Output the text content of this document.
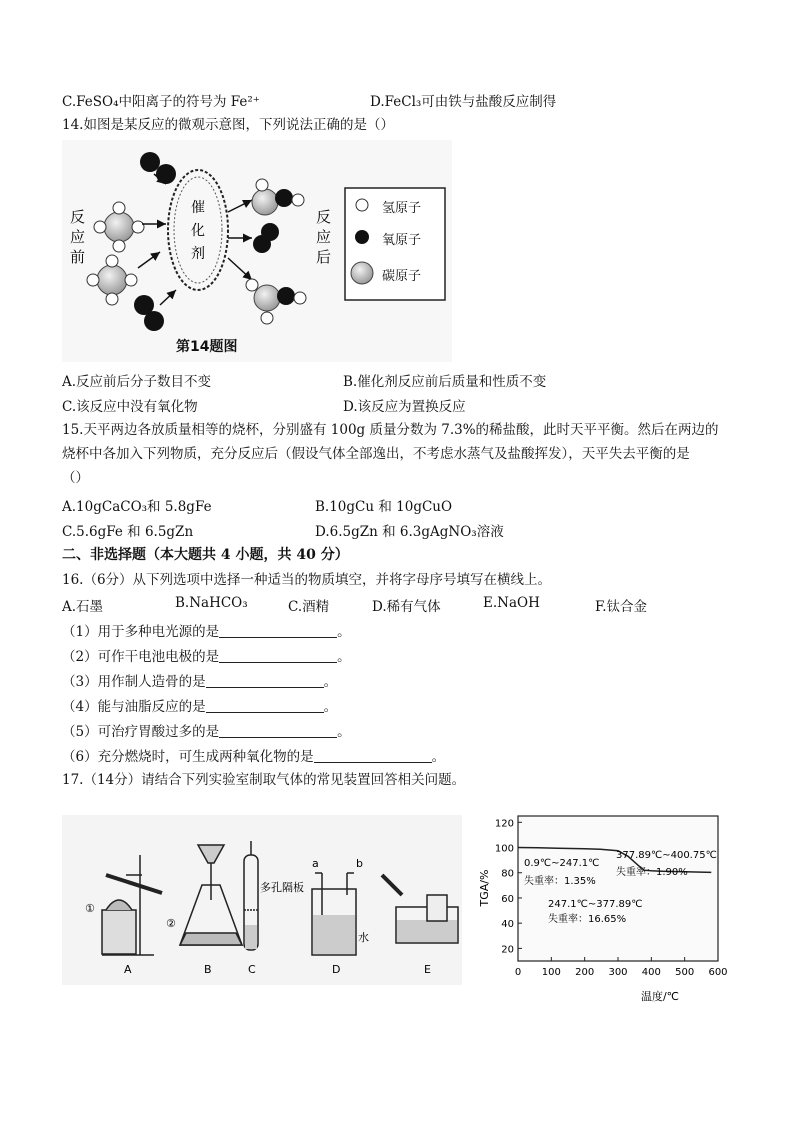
C.FeSO₄中阳离子的符号为 Fe²⁺	D.FeCl₃可由铁与盐酸反应制得
14.如图是某反应的微观示意图，下列说法正确的是（）
反
应
前
催
化
剂
反
应
后
氢原子
氧原子
碳原子
第14题图
A.反应前后分子数目不变	B.催化剂反应前后质量和性质不变
C.该反应中没有氧化物	D.该反应为置换反应
15.天平两边各放质量相等的烧杯，分别盛有 100g 质量分数为 7.3%的稀盐酸，此时天平平衡。然后在两边的
烧杯中各加入下列物质，充分反应后（假设气体全部逸出，不考虑水蒸气及盐酸挥发），天平失去平衡的是
（）
A.10gCaCO₃和 5.8gFe	B.10gCu 和 10gCuO
C.5.6gFe 和 6.5gZn	D.6.5gZn 和 6.3gAgNO₃溶液
二、非选择题（本大题共 4 小题，共 40 分）
16.（6分）从下列选项中选择一种适当的物质填空，并将字母序号填写在横线上。
A.石墨	B.NaHCO₃	C.酒精	D.稀有气体	E.NaOH	F.钛合金
（1）用于多种电光源的是	。
（2）可作干电池电极的是	。
（3）用作制人造骨的是	。
（4）能与油脂反应的是	。
（5）可治疗胃酸过多的是	。
（6）充分燃烧时，可生成两种氧化物的是	。
17.（14分）请结合下列实验室制取气体的常见装置回答相关问题。
①
②
多孔隔板
a	b
水
A	B	C	D	E
20
40
60
80
100
120
0 100 200 300 400 500 600
TGA/%
温度/℃
0.9℃~247.1℃
失重率：1.35%
247.1℃~377.89℃
失重率：16.65%
377.89℃~400.75℃
失重率：1.90%
